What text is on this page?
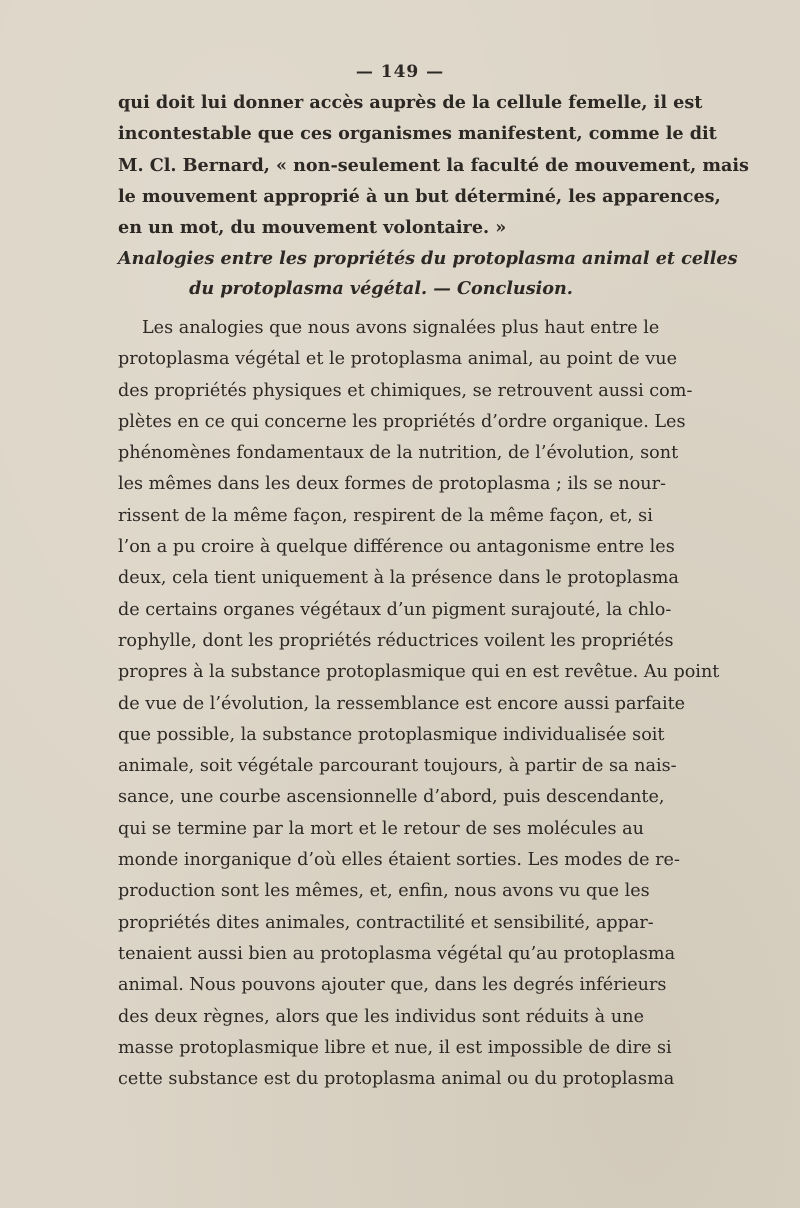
— 149 —
qui doit lui donner accès auprès de la cellule femelle, il est
incontestable que ces organismes manifestent, comme le dit
M. Cl. Bernard, « non-seulement la faculté de mouvement, mais
le mouvement approprié à un but déterminé, les apparences,
en un mot, du mouvement volontaire. »
Analogies entre les propriétés du protoplasma animal et celles
du protoplasma végétal. — Conclusion.
Les analogies que nous avons signalées plus haut entre le
protoplasma végétal et le protoplasma animal, au point de vue
des propriétés physiques et chimiques, se retrouvent aussi com-
plètes en ce qui concerne les propriétés d’ordre organique. Les
phénomènes fondamentaux de la nutrition, de l’évolution, sont
les mêmes dans les deux formes de protoplasma ; ils se nour-
rissent de la même façon, respirent de la même façon, et, si
l’on a pu croire à quelque différence ou antagonisme entre les
deux, cela tient uniquement à la présence dans le protoplasma
de certains organes végétaux d’un pigment surajouté, la chlo-
rophylle, dont les propriétés réductrices voilent les propriétés
propres à la substance protoplasmique qui en est revêtue. Au point
de vue de l’évolution, la ressemblance est encore aussi parfaite
que possible, la substance protoplasmique individualisée soit
animale, soit végétale parcourant toujours, à partir de sa nais-
sance, une courbe ascensionnelle d’abord, puis descendante,
qui se termine par la mort et le retour de ses molécules au
monde inorganique d’où elles étaient sorties. Les modes de re-
production sont les mêmes, et, enfin, nous avons vu que les
propriétés dites animales, contractilité et sensibilité, appar-
tenaient aussi bien au protoplasma végétal qu’au protoplasma
animal. Nous pouvons ajouter que, dans les degrés inférieurs
des deux règnes, alors que les individus sont réduits à une
masse protoplasmique libre et nue, il est impossible de dire si
cette substance est du protoplasma animal ou du protoplasma
